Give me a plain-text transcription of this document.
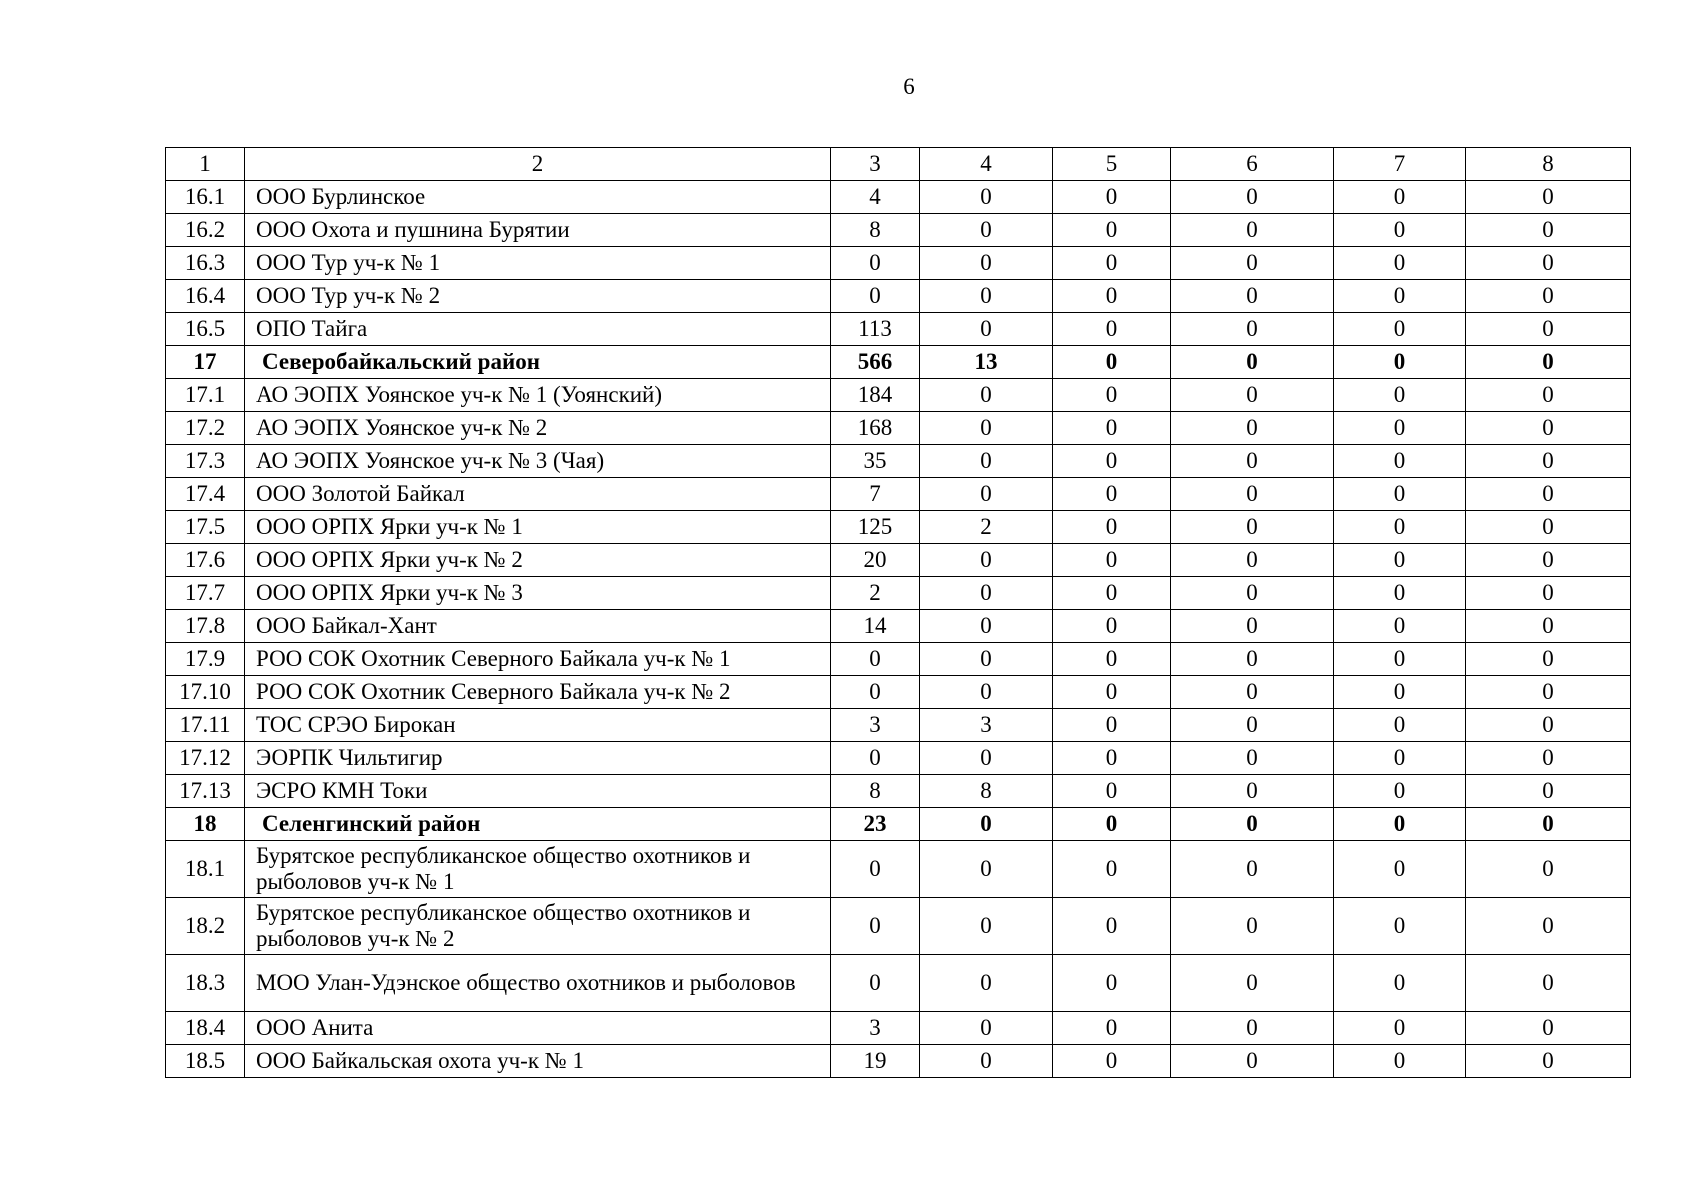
6
1	2	3	4	5	6	7	8
16.1	ООО Бурлинское	4	0	0	0	0	0
16.2	ООО Охота и пушнина Бурятии	8	0	0	0	0	0
16.3	ООО Тур уч-к № 1	0	0	0	0	0	0
16.4	ООО Тур уч-к № 2	0	0	0	0	0	0
16.5	ОПО Тайга	113	0	0	0	0	0
17	Северобайкальский район	566	13	0	0	0	0
17.1	АО ЭОПХ Уоянское уч-к № 1 (Уоянский)	184	0	0	0	0	0
17.2	АО ЭОПХ Уоянское уч-к № 2	168	0	0	0	0	0
17.3	АО ЭОПХ Уоянское уч-к № 3 (Чая)	35	0	0	0	0	0
17.4	ООО Золотой Байкал	7	0	0	0	0	0
17.5	ООО ОРПХ Ярки уч-к № 1	125	2	0	0	0	0
17.6	ООО ОРПХ Ярки уч-к № 2	20	0	0	0	0	0
17.7	ООО ОРПХ Ярки уч-к № 3	2	0	0	0	0	0
17.8	ООО Байкал-Хант	14	0	0	0	0	0
17.9	РОО СОК Охотник Северного Байкала уч-к № 1	0	0	0	0	0	0
17.10	РОО СОК Охотник Северного Байкала уч-к № 2	0	0	0	0	0	0
17.11	ТОС СРЭО Бирокан	3	3	0	0	0	0
17.12	ЭОРПК Чильтигир	0	0	0	0	0	0
17.13	ЭСРО КМН Токи	8	8	0	0	0	0
18	Селенгинский район	23	0	0	0	0	0
18.1	Бурятское республиканское общество охотников и рыболовов уч-к № 1	0	0	0	0	0	0
18.2	Бурятское республиканское общество охотников и рыболовов уч-к № 2	0	0	0	0	0	0
18.3	МОО Улан-Удэнское общество охотников и рыболовов	0	0	0	0	0	0
18.4	ООО Анита	3	0	0	0	0	0
18.5	ООО Байкальская охота уч-к № 1	19	0	0	0	0	0
